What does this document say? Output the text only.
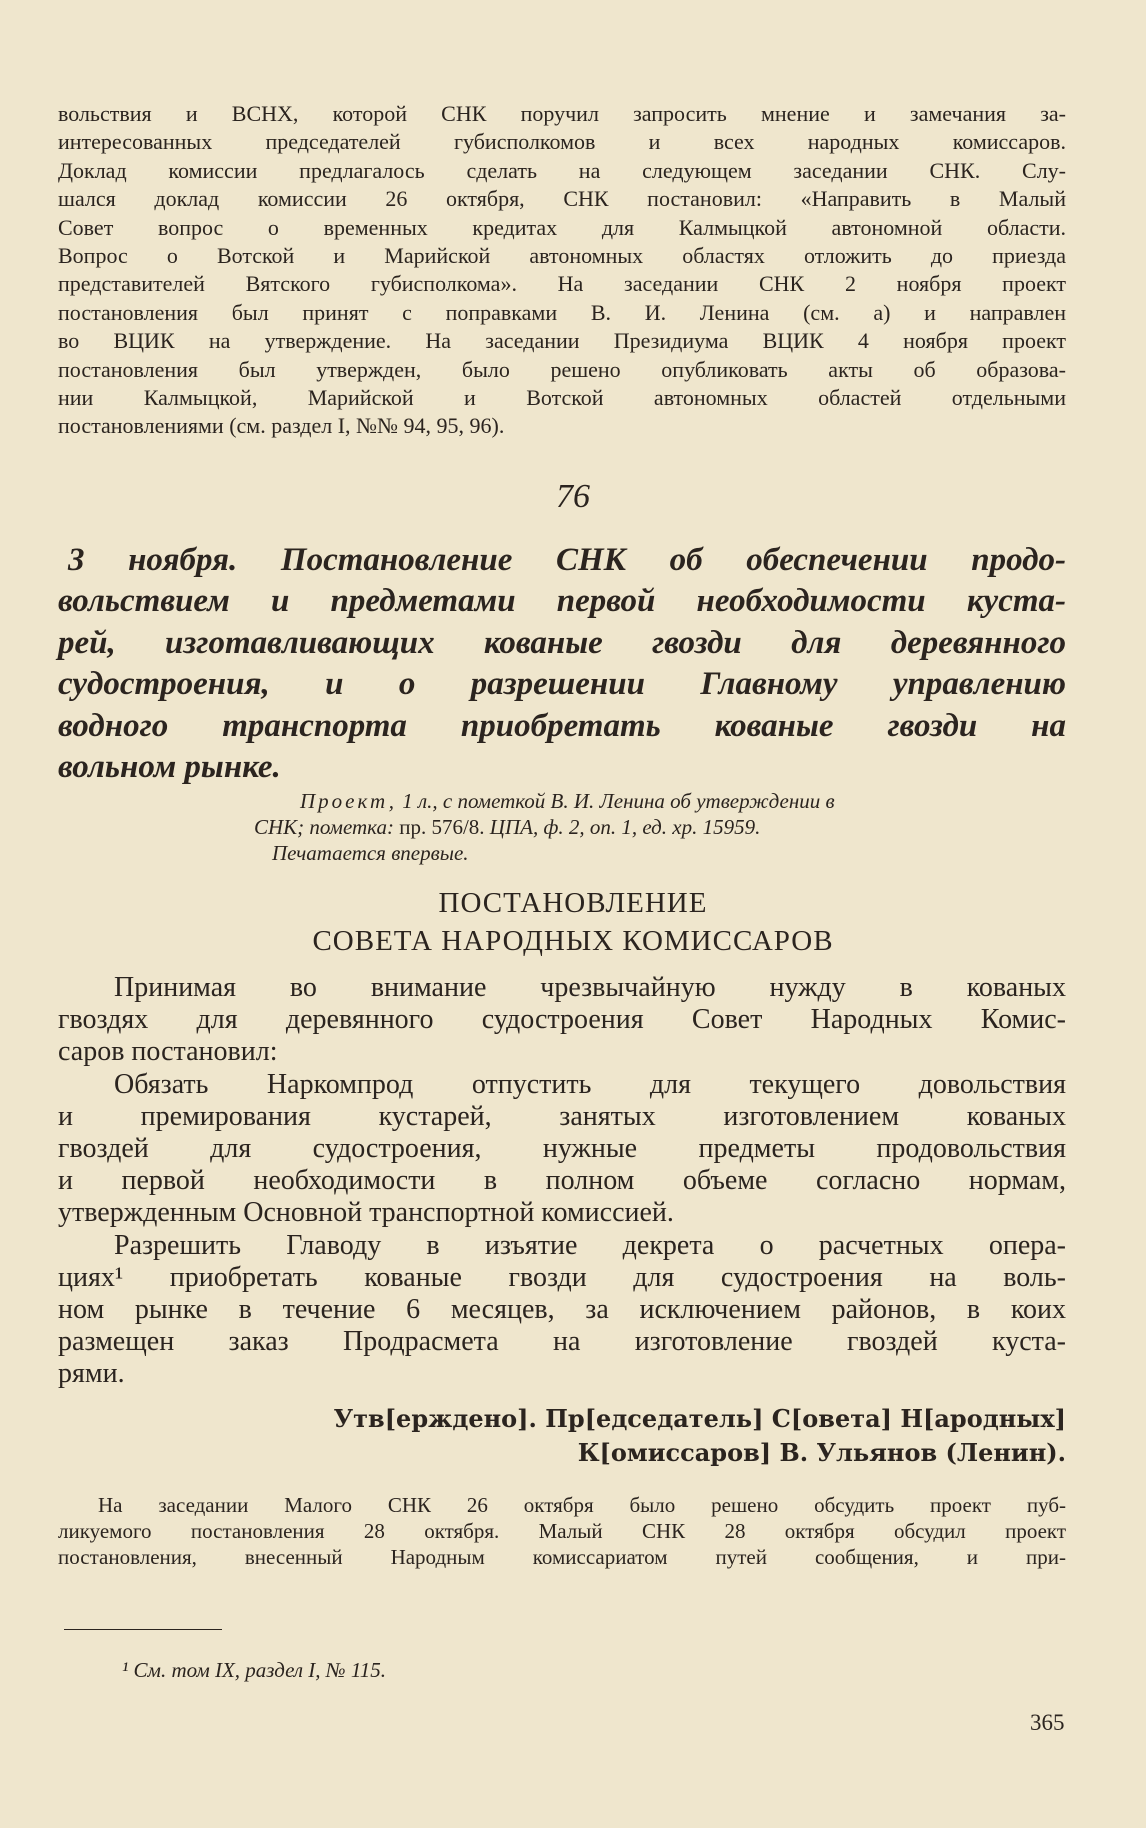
вольствия и ВСНХ, которой СНК поручил запросить мнение и замечания за-
интересованных председателей губисполкомов и всех народных комиссаров.
Доклад комиссии предлагалось сделать на следующем заседании СНК. Слу-
шался доклад комиссии 26 октября, СНК постановил: «Направить в Малый
Совет вопрос о временных кредитах для Калмыцкой автономной области.
Вопрос о Вотской и Марийской автономных областях отложить до приезда
представителей Вятского губисполкома». На заседании СНК 2 ноября проект
постановления был принят с поправками В. И. Ленина (см. а) и направлен
во ВЦИК на утверждение. На заседании Президиума ВЦИК 4 ноября проект
постановления был утвержден, было решено опубликовать акты об образова-
нии Калмыцкой, Марийской и Вотской автономных областей отдельными
постановлениями (см. раздел I, №№ 94, 95, 96).
76
3 ноября. Постановление СНК об обеспечении продо-
вольствием и предметами первой необходимости куста-
рей, изготавливающих кованые гвозди для деревянного
судостроения, и о разрешении Главному управлению
водного транспорта приобретать кованые гвозди на
вольном рынке.
Проект, 1 л., с пометкой В. И. Ленина об утверждении в
СНК; пометка: пр. 576/8. ЦПА, ф. 2, оп. 1, ед. хр. 15959.
Печатается впервые.
ПОСТАНОВЛЕНИЕ
СОВЕТА НАРОДНЫХ КОМИССАРОВ
Принимая во внимание чрезвычайную нужду в кованых
гвоздях для деревянного судостроения Совет Народных Комис-
саров постановил:
Обязать Наркомпрод отпустить для текущего довольствия
и премирования кустарей, занятых изготовлением кованых
гвоздей для судостроения, нужные предметы продовольствия
и первой необходимости в полном объеме согласно нормам,
утвержденным Основной транспортной комиссией.
Разрешить Главоду в изъятие декрета о расчетных опера-
циях¹ приобретать кованые гвозди для судостроения на воль-
ном рынке в течение 6 месяцев, за исключением районов, в коих
размещен заказ Продрасмета на изготовление гвоздей куста-
рями.
Утв[ерждено]. Пр[едседатель] С[овета] Н[ародных]
К[омиссаров] В. Ульянов (Ленин).
На заседании Малого СНК 26 октября было решено обсудить проект пуб-
ликуемого постановления 28 октября. Малый СНК 28 октября обсудил проект
постановления, внесенный Народным комиссариатом путей сообщения, и при-
¹ См. том IX, раздел I, № 115.
365
